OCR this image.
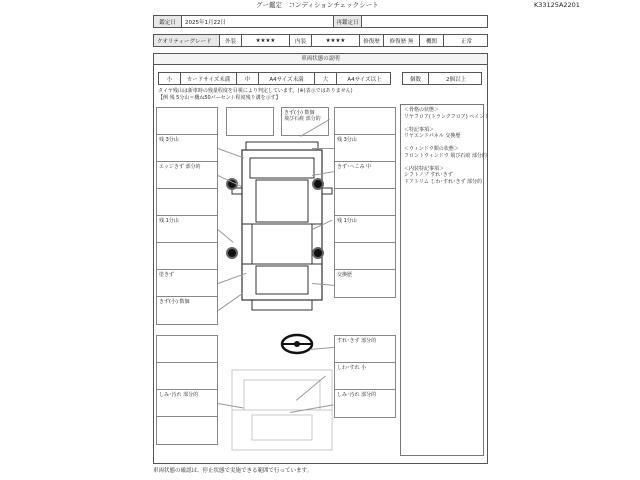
グー鑑定　コンディションチェックシート	K33125A2201
鑑定日	2025年1月22日	再鑑定日
クオリティーグレード	外装	★★★★	内装	★★★★	修復歴	修復歴 無	機関	正常
車両状態の説明
小	カードサイズ未満	中	A4サイズ未満	大	A4サイズ以上	個数	2個以上
タイヤ残山は新車時の残量程度を目視により判定しています。(※)表示ではありません)
【例 残 5分山＝概ね50パーセント程度残り溝を示す】
＜骨格の状態＞
リヤフロア(トランクフロア) ペイント

＜特記事項＞
リヤエンドパネル 交換歴

＜ウィンドウ類の状態＞
フロントウィンドウ 飛び石痕 部分的

＜内装特記事項＞
シフトノブ すれ･きず
ドアトリム しわ･すれ･きず 部分的
きず(小) 数個
飛び石痕 部分的
残 3分山
エッジきず 部分的
残 1分山
塗きず
きず(小) 数個
残 3分山
きず･へこみ 中
残 1分山
交換歴
しみ･汚れ 部分的
すれ･きず 部分的
しわ･すれ 小
しみ･汚れ 部分的
車両状態の確認は、停止状態で実施できる範囲で行っています。
